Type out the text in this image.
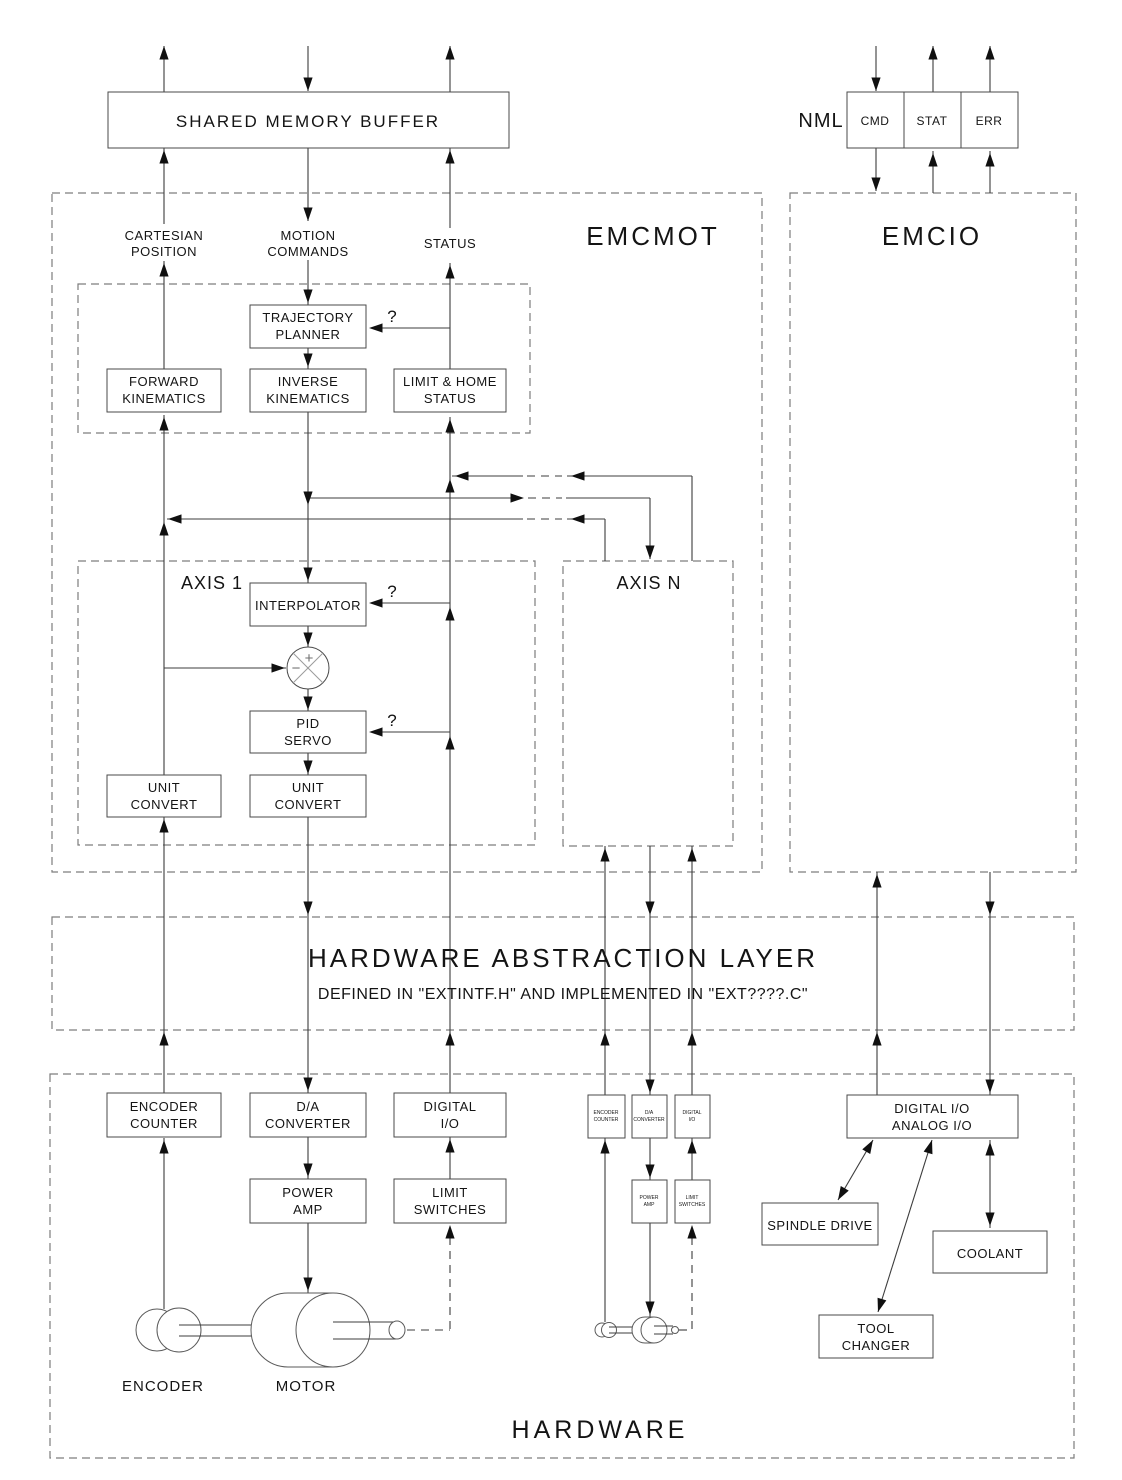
SHARED MEMORY BUFFER	NML CMD STAT ERR
EMCMOT	EMCIO
CARTESIAN
POSITION
MOTION
COMMANDS
STATUS
TRAJECTORY
PLANNER
?
FORWARD
KINEMATICS
INVERSE
KINEMATICS
LIMIT & HOME
STATUS
AXIS 1	AXIS N
INTERPOLATOR
?
+
−
PID
SERVO
?
UNIT
CONVERT
UNIT
CONVERT
HARDWARE ABSTRACTION LAYER
DEFINED IN "EXTINTF.H" AND IMPLEMENTED IN "EXT????.C"
ENCODER
COUNTER
D/A
CONVERTER
DIGITAL
I/O
POWER
AMP
LIMIT
SWITCHES
ENCODER
COUNTER
D/A
CONVERTER
DIGITAL
I/O
POWER
AMP
LIMIT
SWITCHES
DIGITAL I/O
ANALOG I/O
SPINDLE DRIVE
COOLANT
TOOL
CHANGER
ENCODER	MOTOR
HARDWARE
